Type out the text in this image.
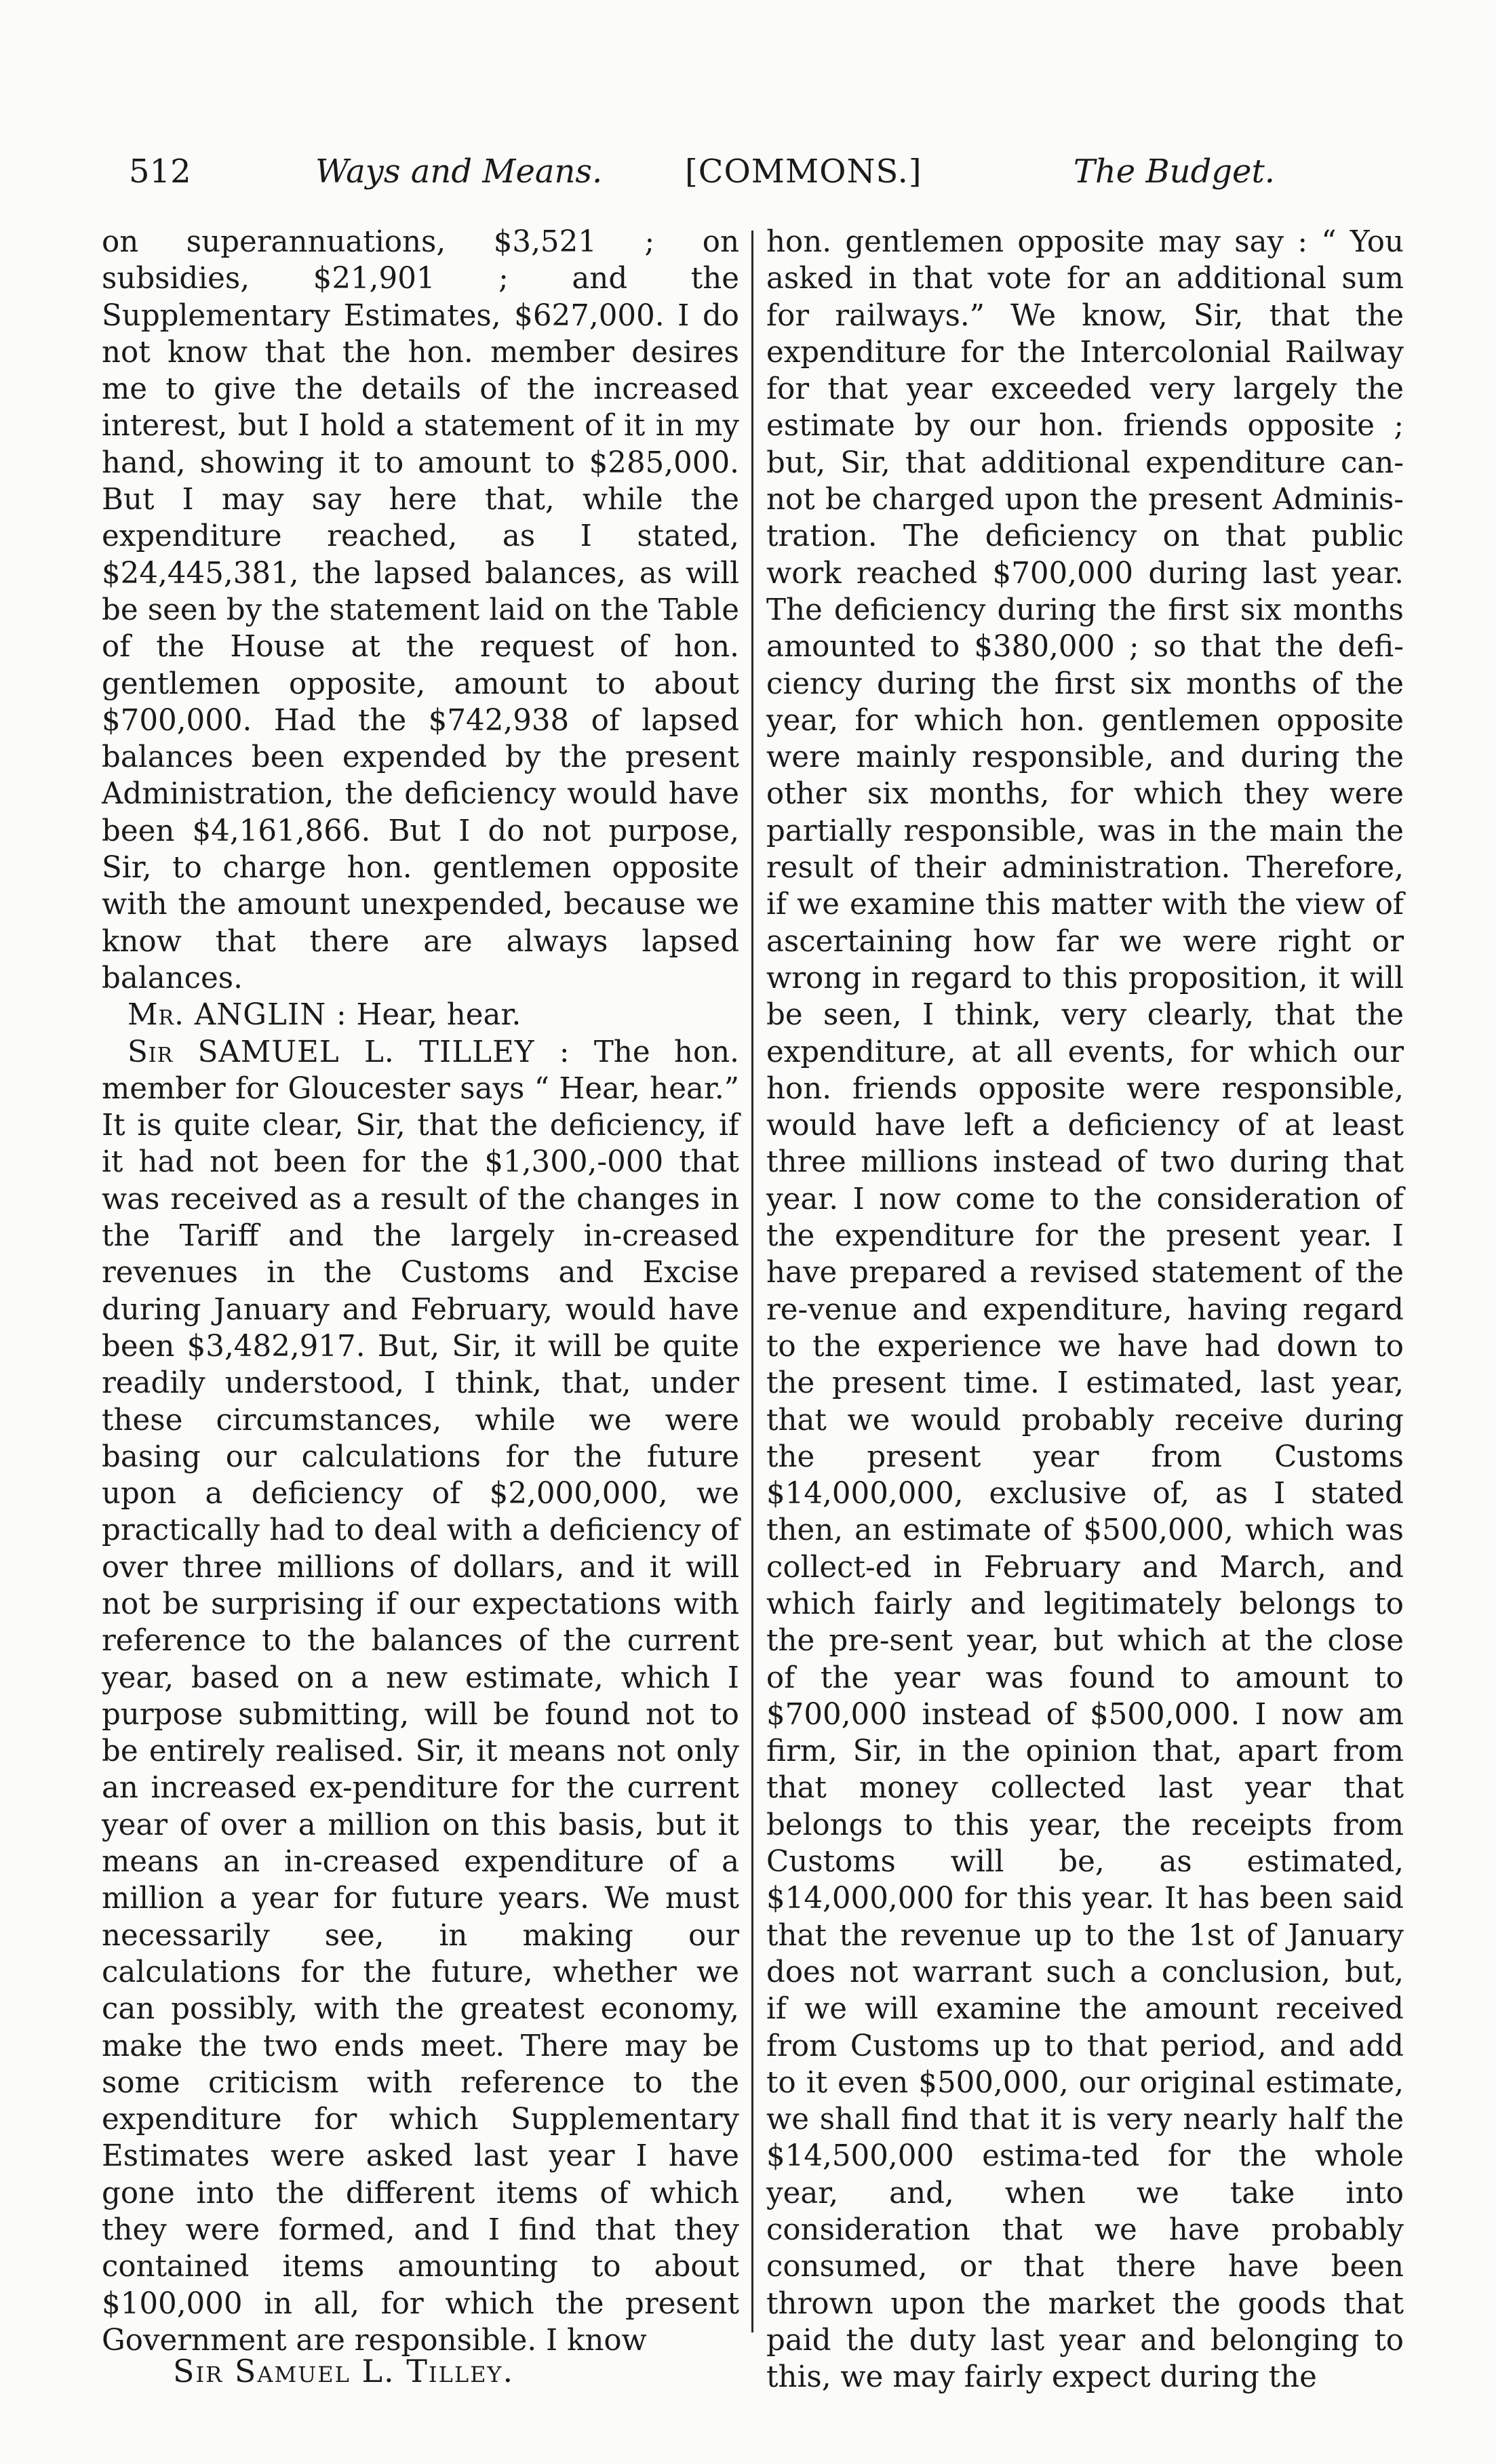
512	Ways and Means.	[COMMONS.]	The Budget.

on superannuations, $3,521 ; on subsidies, $21,901 ; and the Supplementary Estimates, $627,000. I do not know that the hon. member desires me to give the details of the increased interest, but I hold a statement of it in my hand, showing it to amount to $285,000. But I may say here that, while the expenditure reached, as I stated, $24,445,381, the lapsed balances, as will be seen by the statement laid on the Table of the House at the request of hon. gentlemen opposite, amount to about $700,000. Had the $742,938 of lapsed balances been expended by the present Administration, the deficiency would have been $4,161,866. But I do not purpose, Sir, to charge hon. gentlemen opposite with the amount unexpended, because we know that there are always lapsed balances.

Mr. ANGLIN : Hear, hear.

Sir SAMUEL L. TILLEY : The hon. member for Gloucester says “ Hear, hear.” It is quite clear, Sir, that the deficiency, if it had not been for the $1,300,-000 that was received as a result of the changes in the Tariff and the largely in-creased revenues in the Customs and Excise during January and February, would have been $3,482,917. But, Sir, it will be quite readily understood, I think, that, under these circumstances, while we were basing our calculations for the future upon a deficiency of $2,000,000, we practically had to deal with a deficiency of over three millions of dollars, and it will not be surprising if our expectations with reference to the balances of the current year, based on a new estimate, which I purpose submitting, will be found not to be entirely realised. Sir, it means not only an increased ex-penditure for the current year of over a million on this basis, but it means an in-creased expenditure of a million a year for future years. We must necessarily see, in making our calculations for the future, whether we can possibly, with the greatest economy, make the two ends meet. There may be some criticism with reference to the expenditure for which Supplementary Estimates were asked last year I have gone into the different items of which they were formed, and I find that they contained items amounting to about $100,000 in all, for which the present Government are responsible. I know

hon. gentlemen opposite may say : “ You asked in that vote for an additional sum for railways.” We know, Sir, that the expenditure for the Intercolonial Railway for that year exceeded very largely the estimate by our hon. friends opposite ; but, Sir, that additional expenditure can-not be charged upon the present Adminis-tration. The deficiency on that public work reached $700,000 during last year. The deficiency during the first six months amounted to $380,000 ; so that the defi-ciency during the first six months of the year, for which hon. gentlemen opposite were mainly responsible, and during the other six months, for which they were partially responsible, was in the main the result of their administration. Therefore, if we examine this matter with the view of ascertaining how far we were right or wrong in regard to this proposition, it will be seen, I think, very clearly, that the expenditure, at all events, for which our hon. friends opposite were responsible, would have left a deficiency of at least three millions instead of two during that year. I now come to the consideration of the expenditure for the present year. I have prepared a revised statement of the re-venue and expenditure, having regard to the experience we have had down to the present time. I estimated, last year, that we would probably receive during the present year from Customs $14,000,000, exclusive of, as I stated then, an estimate of $500,000, which was collect-ed in February and March, and which fairly and legitimately belongs to the pre-sent year, but which at the close of the year was found to amount to $700,000 instead of $500,000. I now am firm, Sir, in the opinion that, apart from that money collected last year that belongs to this year, the receipts from Customs will be, as estimated, $14,000,000 for this year. It has been said that the revenue up to the 1st of January does not warrant such a conclusion, but, if we will examine the amount received from Customs up to that period, and add to it even $500,000, our original estimate, we shall find that it is very nearly half the $14,500,000 estima-ted for the whole year, and, when we take into consideration that we have probably consumed, or that there have been thrown upon the market the goods that paid the duty last year and belonging to this, we may fairly expect during the

Sir Samuel L. Tilley.
